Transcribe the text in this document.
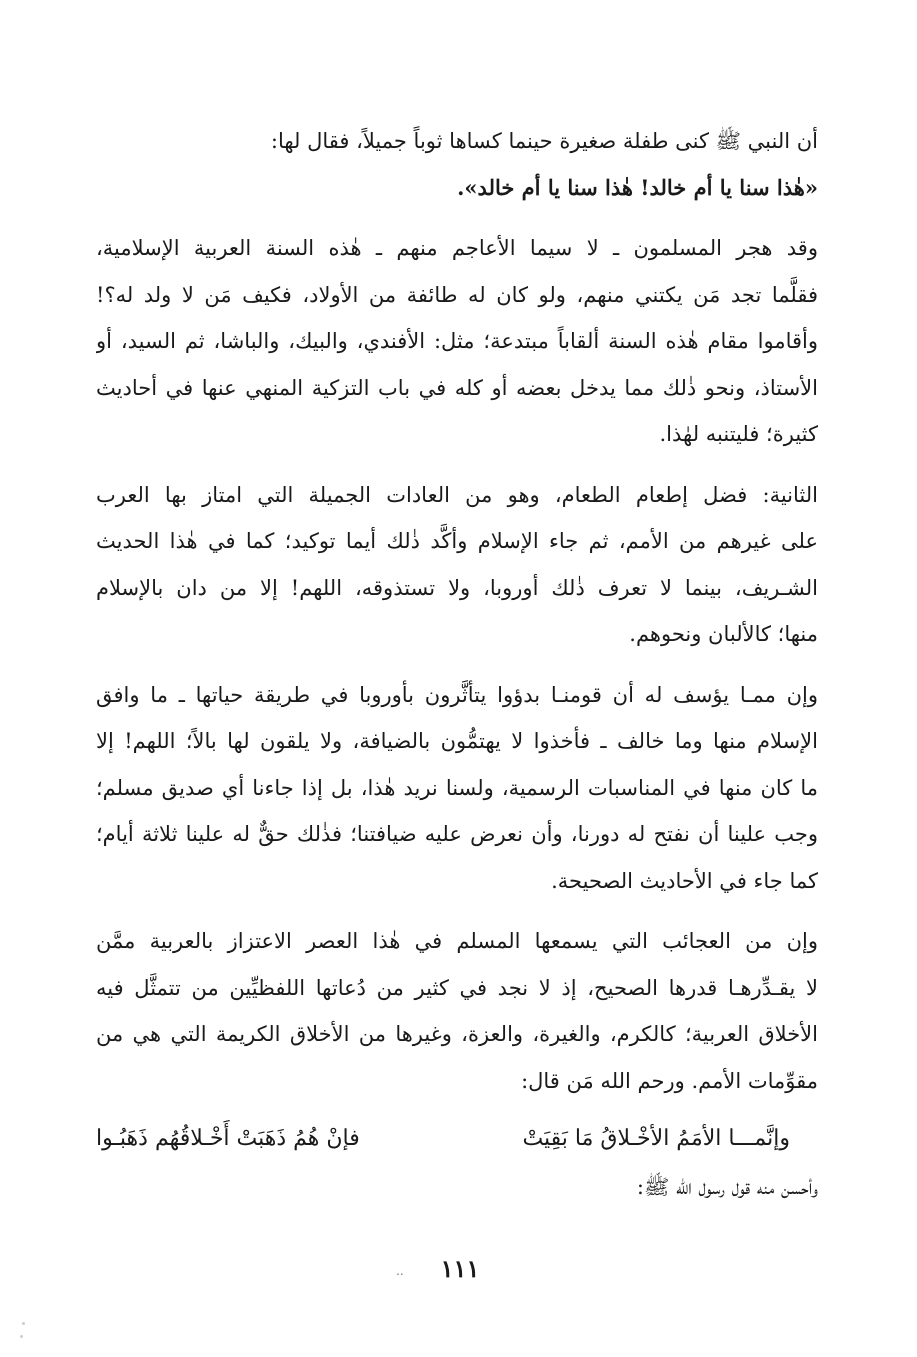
أن النبي ﷺ كنى طفلة صغيرة حينما كساها ثوباً جميلاً، فقال لها:
«هٰذا سنا يا أم خالد! هٰذا سنا يا أم خالد».
وقد هجر المسلمون ـ لا سيما الأعاجم منهم ـ هٰذه السنة العربية الإسلامية،
فقلَّما تجد مَن يكتني منهم، ولو كان له طائفة من الأولاد، فكيف مَن لا ولد له؟!
وأقاموا مقام هٰذه السنة ألقاباً مبتدعة؛ مثل: الأفندي، والبيك، والباشا، ثم السيد، أو
الأستاذ، ونحو ذٰلك مما يدخل بعضه أو كله في باب التزكية المنهي عنها في أحاديث
كثيرة؛ فليتنبه لهٰذا.
الثانية: فضل إطعام الطعام، وهو من العادات الجميلة التي امتاز بها العرب
على غيرهم من الأمم، ثم جاء الإسلام وأكَّد ذٰلك أيما توكيد؛ كما في هٰذا الحديث
الشـريف، بينما لا تعرف ذٰلك أوروبا، ولا تستذوقه، اللهم! إلا من دان بالإسلام
منها؛ كالألبان ونحوهم.
وإن ممـا يؤسف له أن قومنـا بدؤوا يتأثَّرون بأوروبا في طريقة حياتها ـ ما وافق
الإسلام منها وما خالف ـ فأخذوا لا يهتمُّون بالضيافة، ولا يلقون لها بالاً؛ اللهم! إلا
ما كان منها في المناسبات الرسمية، ولسنا نريد هٰذا، بل إذا جاءنا أي صديق مسلم؛
وجب علينا أن نفتح له دورنا، وأن نعرض عليه ضيافتنا؛ فذٰلك حقٌّ له علينا ثلاثة أيام؛
كما جاء في الأحاديث الصحيحة.
وإن من العجائب التي يسمعها المسلم في هٰذا العصر الاعتزاز بالعربية ممَّن
لا يقـدِّرهـا قدرها الصحيح، إذ لا نجد في كثير من دُعاتها اللفظيِّين من تتمثَّل فيه
الأخلاق العربية؛ كالكرم، والغيرة، والعزة، وغيرها من الأخلاق الكريمة التي هي من
مقوِّمات الأمم. ورحم الله مَن قال:
وإنَّمـــا الأمَمُ الأخْـلاقُ مَا بَقِيَتْ
فإنْ هُمُ ذَهَبَتْ أَخْـلاقُهُم ذَهَبُـوا
وأحسن منه قول رسول الله ﷺ:
..	١١١
